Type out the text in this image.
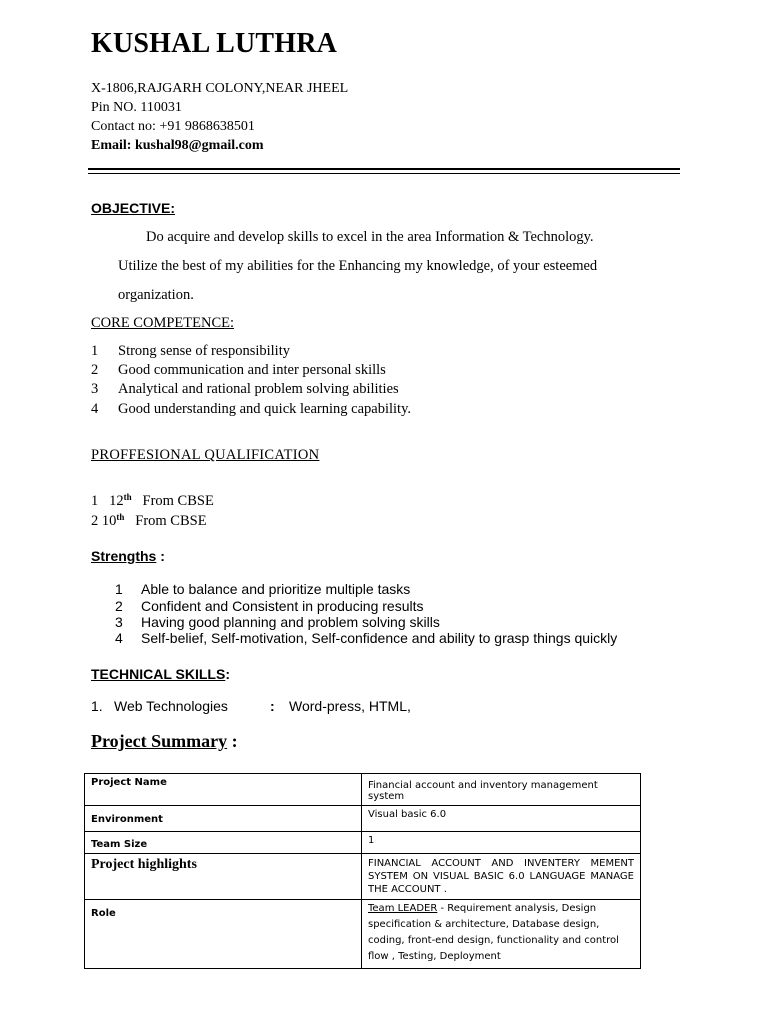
KUSHAL LUTHRA
X-1806,RAJGARH COLONY,NEAR JHEEL
Pin NO. 110031
Contact no: +91 9868638501
Email: kushal98@gmail.com
OBJECTIVE:
Do acquire and develop skills to excel in the area Information & Technology.
Utilize the best of my abilities for the Enhancing my knowledge, of your esteemed
organization.
CORE COMPETENCE:
1 Strong sense of responsibility
2 Good communication and inter personal skills
3 Analytical and rational problem solving abilities
4 Good understanding and quick learning capability.
PROFFESIONAL QUALIFICATION
1 12th From CBSE
2 10th From CBSE
Strengths :
1 Able to balance and prioritize multiple tasks
2 Confident and Consistent in producing results
3 Having good planning and problem solving skills
4 Self-belief, Self-motivation, Self-confidence and ability to grasp things quickly
TECHNICAL SKILLS:
1. Web Technologies	: Word-press, HTML,
Project Summary :
Project Name	Financial account and inventory management system
Environment	Visual basic 6.0
Team Size	1
Project highlights	FINANCIAL ACCOUNT AND INVENTERY MEMENT SYSTEM ON VISUAL BASIC 6.0 LANGUAGE MANAGE THE ACCOUNT .
Role	Team LEADER - Requirement analysis, Design specification & architecture, Database design, coding, front-end design, functionality and control flow , Testing, Deployment
